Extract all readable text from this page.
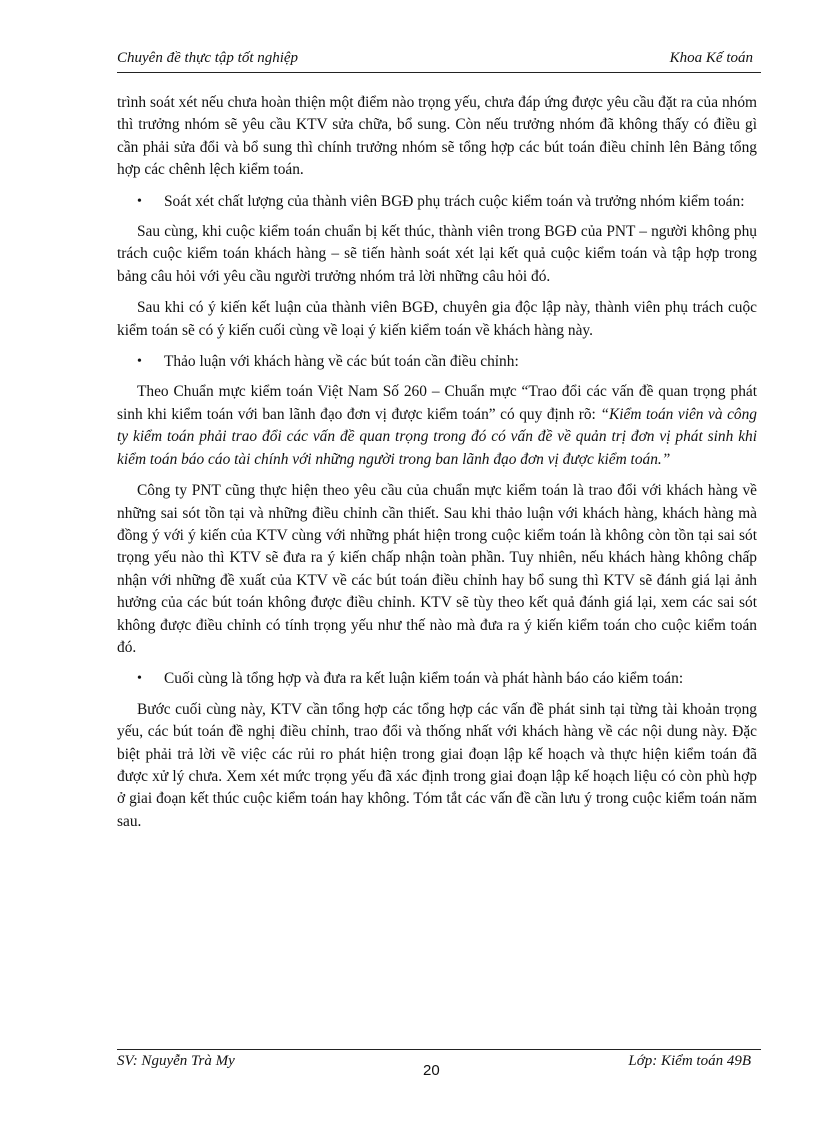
Chuyên đề thực tập tốt nghiệp	Khoa Kế toán

trình soát xét nếu chưa hoàn thiện một điểm nào trọng yếu, chưa đáp ứng được yêu cầu đặt ra của nhóm thì trưởng nhóm sẽ yêu cầu KTV sửa chữa, bổ sung. Còn nếu trưởng nhóm đã không thấy có điều gì cần phải sửa đổi và bổ sung thì chính trưởng nhóm sẽ tổng hợp các bút toán điều chỉnh lên Bảng tổng hợp các chênh lệch kiểm toán.

• Soát xét chất lượng của thành viên BGĐ phụ trách cuộc kiểm toán và trưởng nhóm kiểm toán:

Sau cùng, khi cuộc kiểm toán chuẩn bị kết thúc, thành viên trong BGĐ của PNT – người không phụ trách cuộc kiểm toán khách hàng – sẽ tiến hành soát xét lại kết quả cuộc kiểm toán và tập hợp trong bảng câu hỏi với yêu cầu người trưởng nhóm trả lời những câu hỏi đó.

Sau khi có ý kiến kết luận của thành viên BGĐ, chuyên gia độc lập này, thành viên phụ trách cuộc kiểm toán sẽ có ý kiến cuối cùng về loại ý kiến kiểm toán về khách hàng này.

• Thảo luận với khách hàng về các bút toán cần điều chỉnh:

Theo Chuẩn mực kiểm toán Việt Nam Số 260 – Chuẩn mực “Trao đổi các vấn đề quan trọng phát sinh khi kiểm toán với ban lãnh đạo đơn vị được kiểm toán” có quy định rõ: “Kiểm toán viên và công ty kiểm toán phải trao đổi các vấn đề quan trọng trong đó có vấn đề về quản trị đơn vị phát sinh khi kiểm toán báo cáo tài chính với những người trong ban lãnh đạo đơn vị được kiểm toán.”

Công ty PNT cũng thực hiện theo yêu cầu của chuẩn mực kiểm toán là trao đổi với khách hàng về những sai sót tồn tại và những điều chỉnh cần thiết. Sau khi thảo luận với khách hàng, khách hàng mà đồng ý với ý kiến của KTV cùng với những phát hiện trong cuộc kiểm toán là không còn tồn tại sai sót trọng yếu nào thì KTV sẽ đưa ra ý kiến chấp nhận toàn phần. Tuy nhiên, nếu khách hàng không chấp nhận với những đề xuất của KTV về các bút toán điều chỉnh hay bổ sung thì KTV sẽ đánh giá lại ảnh hưởng của các bút toán không được điều chỉnh. KTV sẽ tùy theo kết quả đánh giá lại, xem các sai sót không được điều chỉnh có tính trọng yếu như thế nào mà đưa ra ý kiến kiểm toán cho cuộc kiểm toán đó.

• Cuối cùng là tổng hợp và đưa ra kết luận kiểm toán và phát hành báo cáo kiểm toán:

Bước cuối cùng này, KTV cần tổng hợp các tổng hợp các vấn đề phát sinh tại từng tài khoản trọng yếu, các bút toán đề nghị điều chỉnh, trao đổi và thống nhất với khách hàng về các nội dung này. Đặc biệt phải trả lời về việc các rủi ro phát hiện trong giai đoạn lập kế hoạch và thực hiện kiểm toán đã được xử lý chưa. Xem xét mức trọng yếu đã xác định trong giai đoạn lập kế hoạch liệu có còn phù hợp ở giai đoạn kết thúc cuộc kiểm toán hay không. Tóm tắt các vấn đề cần lưu ý trong cuộc kiểm toán năm sau.

SV: Nguyễn Trà My
20
Lớp: Kiểm toán 49B
